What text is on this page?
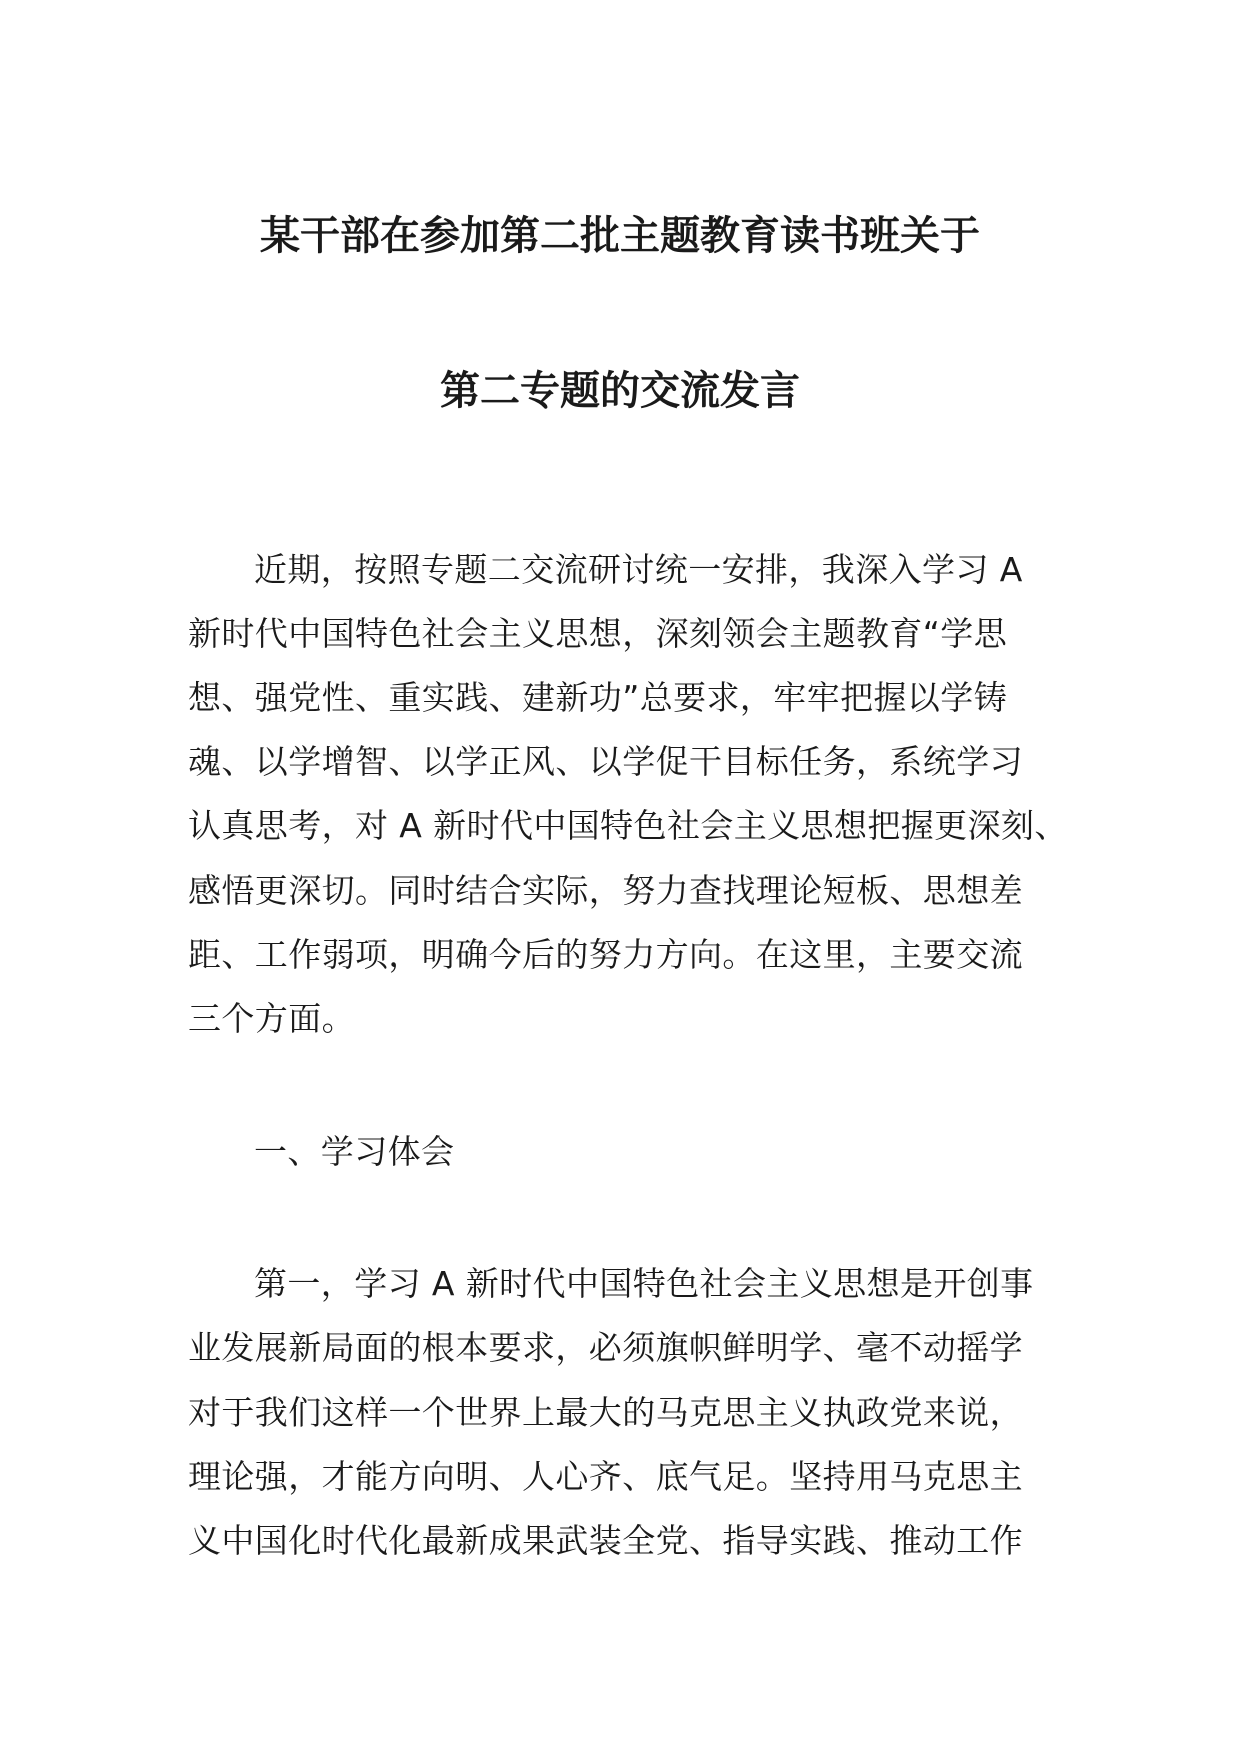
某干部在参加第二批主题教育读书班关于
第二专题的交流发言

近期，按照专题二交流研讨统一安排，我深入学习 A

新时代中国特色社会主义思想，深刻领会主题教育“学思

想、强党性、重实践、建新功”总要求，牢牢把握以学铸

魂、以学增智、以学正风、以学促干目标任务，系统学习

认真思考，对 A 新时代中国特色社会主义思想把握更深刻、

感悟更深切。同时结合实际，努力查找理论短板、思想差

距、工作弱项，明确今后的努力方向。在这里，主要交流

三个方面。

一、学习体会

第一，学习 A 新时代中国特色社会主义思想是开创事

业发展新局面的根本要求，必须旗帜鲜明学、毫不动摇学

对于我们这样一个世界上最大的马克思主义执政党来说，

理论强，才能方向明、人心齐、底气足。坚持用马克思主

义中国化时代化最新成果武装全党、指导实践、推动工作
